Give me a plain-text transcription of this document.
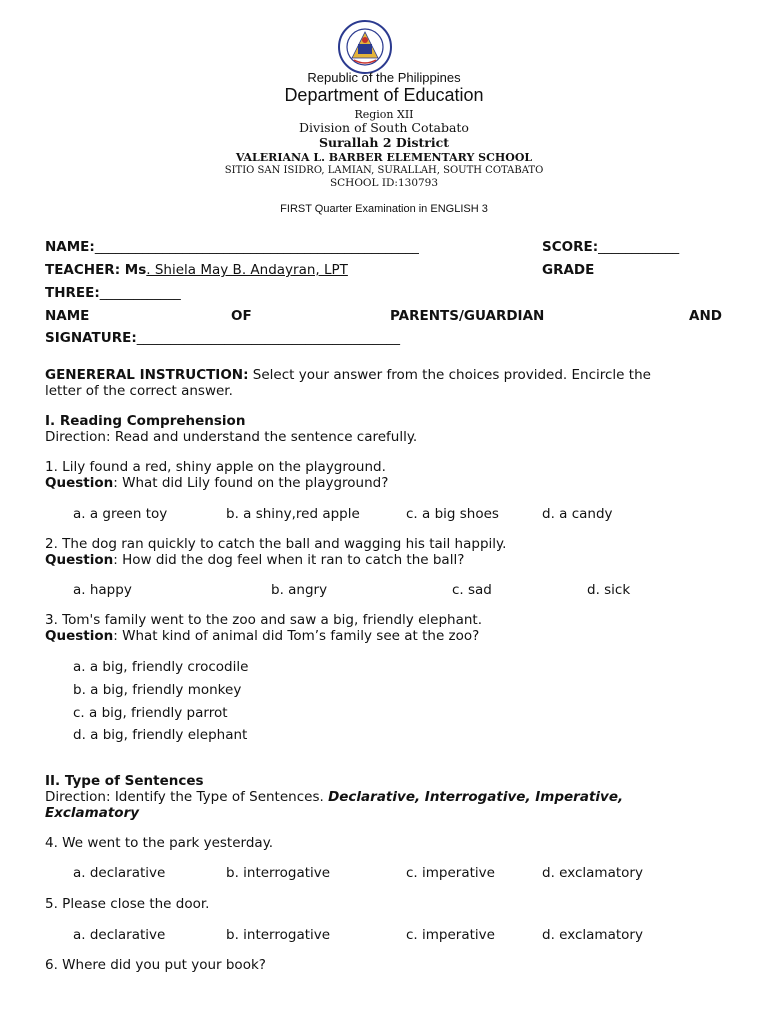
Republic of the Philippines
Department of Education
Region XII
Division of South Cotabato
Surallah 2 District
VALERIANA L. BARBER ELEMENTARY SCHOOL
SITIO SAN ISIDRO, LAMIAN, SURALLAH, SOUTH COTABATO
SCHOOL ID:130793
FIRST Quarter Examination in ENGLISH 3
NAME:________________________________________________	SCORE:____________
TEACHER: Ms. Shiela May B. Andayran, LPT	GRADE
THREE:____________
NAME	OF	PARENTS/GUARDIAN	AND
SIGNATURE:_______________________________________
GENERERAL INSTRUCTION: Select your answer from the choices provided. Encircle the
letter of the correct answer.
I. Reading Comprehension
Direction: Read and understand the sentence carefully.
1. Lily found a red, shiny apple on the playground.
Question: What did Lily found on the playground?
a. a green toy	b. a shiny,red apple	c. a big shoes	d. a candy
2. The dog ran quickly to catch the ball and wagging his tail happily.
Question: How did the dog feel when it ran to catch the ball?
a. happy	b. angry	c. sad	d. sick
3. Tom's family went to the zoo and saw a big, friendly elephant.
Question: What kind of animal did Tom’s family see at the zoo?
a. a big, friendly crocodile
b. a big, friendly monkey
c. a big, friendly parrot
d. a big, friendly elephant
II. Type of Sentences
Direction: Identify the Type of Sentences. Declarative, Interrogative, Imperative,
Exclamatory
4. We went to the park yesterday.
a. declarative	b. interrogative	c. imperative	d. exclamatory
5. Please close the door.
a. declarative	b. interrogative	c. imperative	d. exclamatory
6. Where did you put your book?
